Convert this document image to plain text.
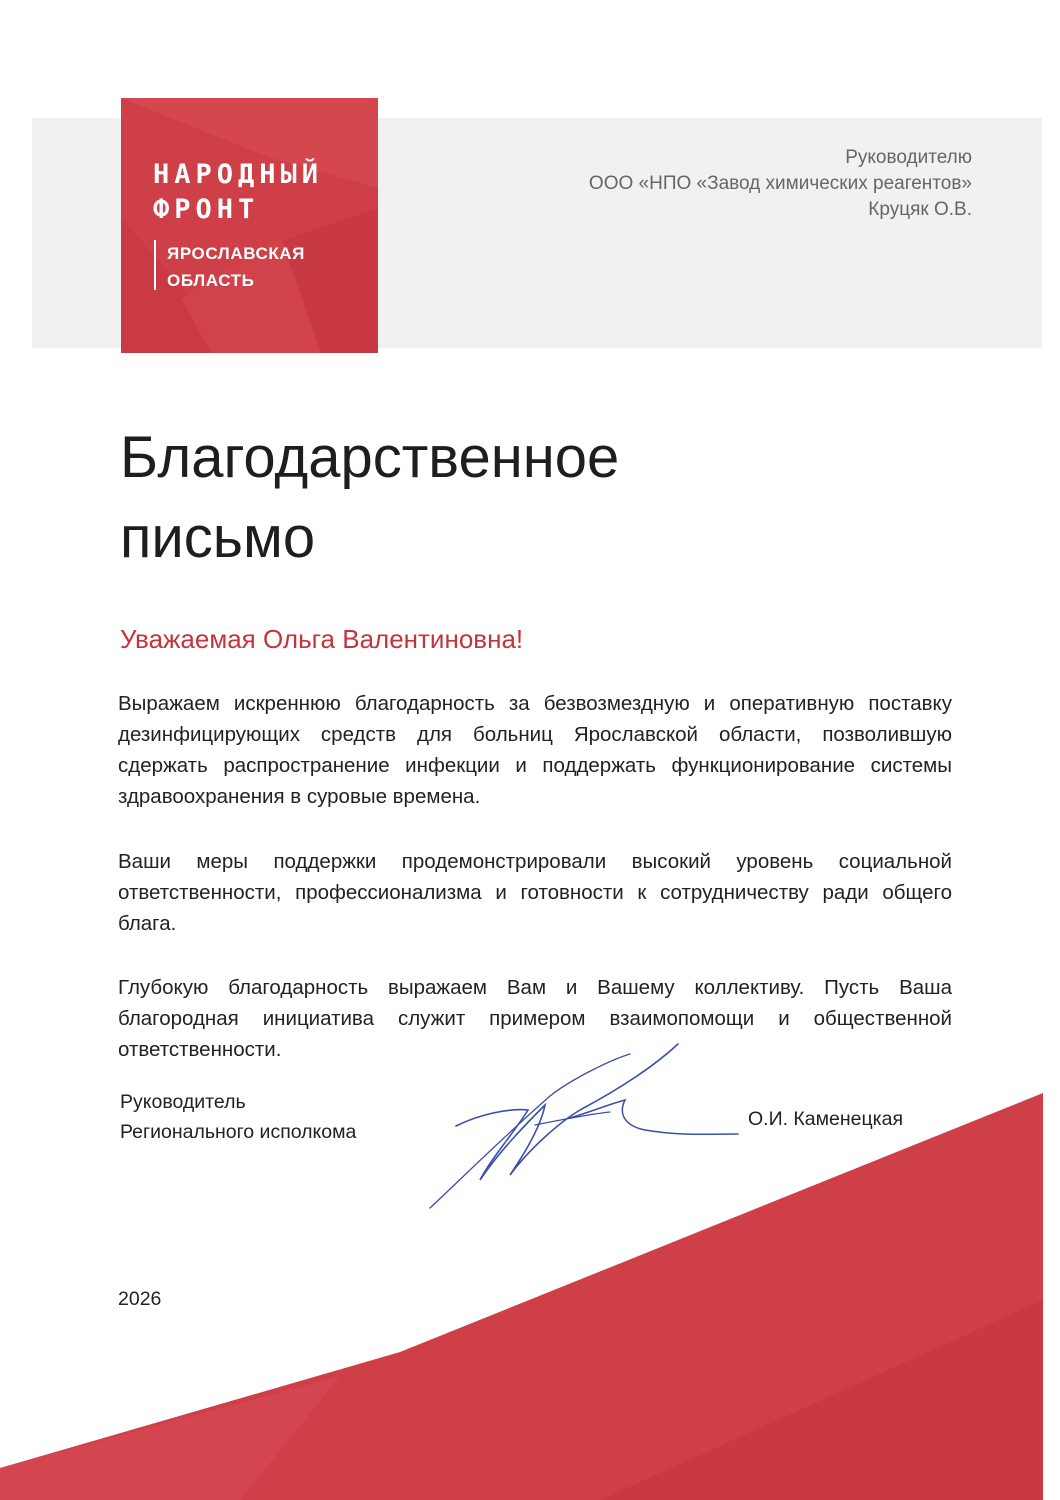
НАРОДНЫЙ
ФРОНТ
ЯРОСЛАВСКАЯ
ОБЛАСТЬ
Руководителю
ООО «НПО «Завод химических реагентов»
Круцяк О.В.
Благодарственное
письмо
Уважаемая Ольга Валентиновна!
Выражаем искреннюю благодарность за безвозмездную и оперативную поставку дезинфицирующих средств для больниц Ярославской области, позволившую сдержать распространение инфекции и поддержать функционирование системы здравоохранения в суровые времена.
Ваши меры поддержки продемонстрировали высокий уровень социальной ответственности, профессионализма и готовности к сотрудничеству ради общего блага.
Глубокую благодарность выражаем Вам и Вашему коллективу. Пусть Ваша благородная инициатива служит примером взаимопомощи и общественной ответственности.
Руководитель
Регионального исполкома
О.И. Каменецкая
2026
